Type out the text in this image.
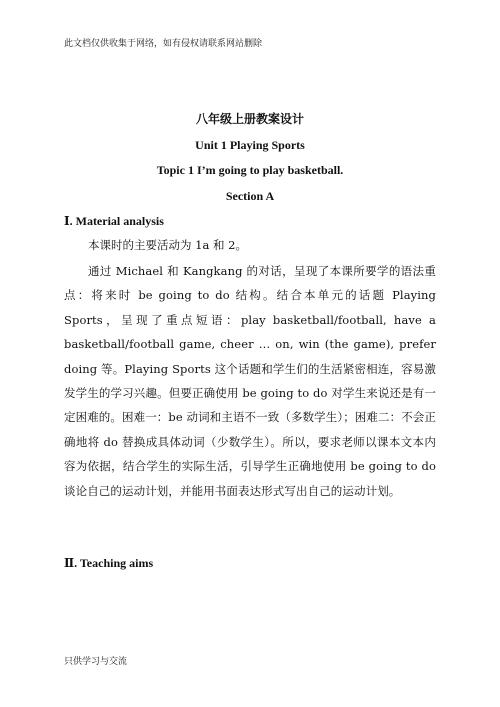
此文档仅供收集于网络，如有侵权请联系网站删除
八年级上册教案设计
Unit 1 Playing Sports
Topic 1 I’m going to play basketball.
Section A
Ⅰ. Material analysis
本课时的主要活动为 1a 和 2。
通过 Michael 和 Kangkang 的对话，呈现了本课所要学的语法重点：将来时 be going to do 结构。结合本单元的话题 Playing Sports，呈现了重点短语：play basketball/football, have a basketball/football game, cheer … on, win (the game), prefer doing 等。Playing Sports 这个话题和学生们的生活紧密相连，容易激发学生的学习兴趣。但要正确使用 be going to do 对学生来说还是有一定困难的。困难一：be 动词和主语不一致（多数学生）；困难二：不会正确地将 do 替换成具体动词（少数学生）。所以，要求老师以课本文本内容为依据，结合学生的实际生活，引导学生正确地使用 be going to do 谈论自己的运动计划，并能用书面表达形式写出自己的运动计划。
Ⅱ. Teaching aims
只供学习与交流
